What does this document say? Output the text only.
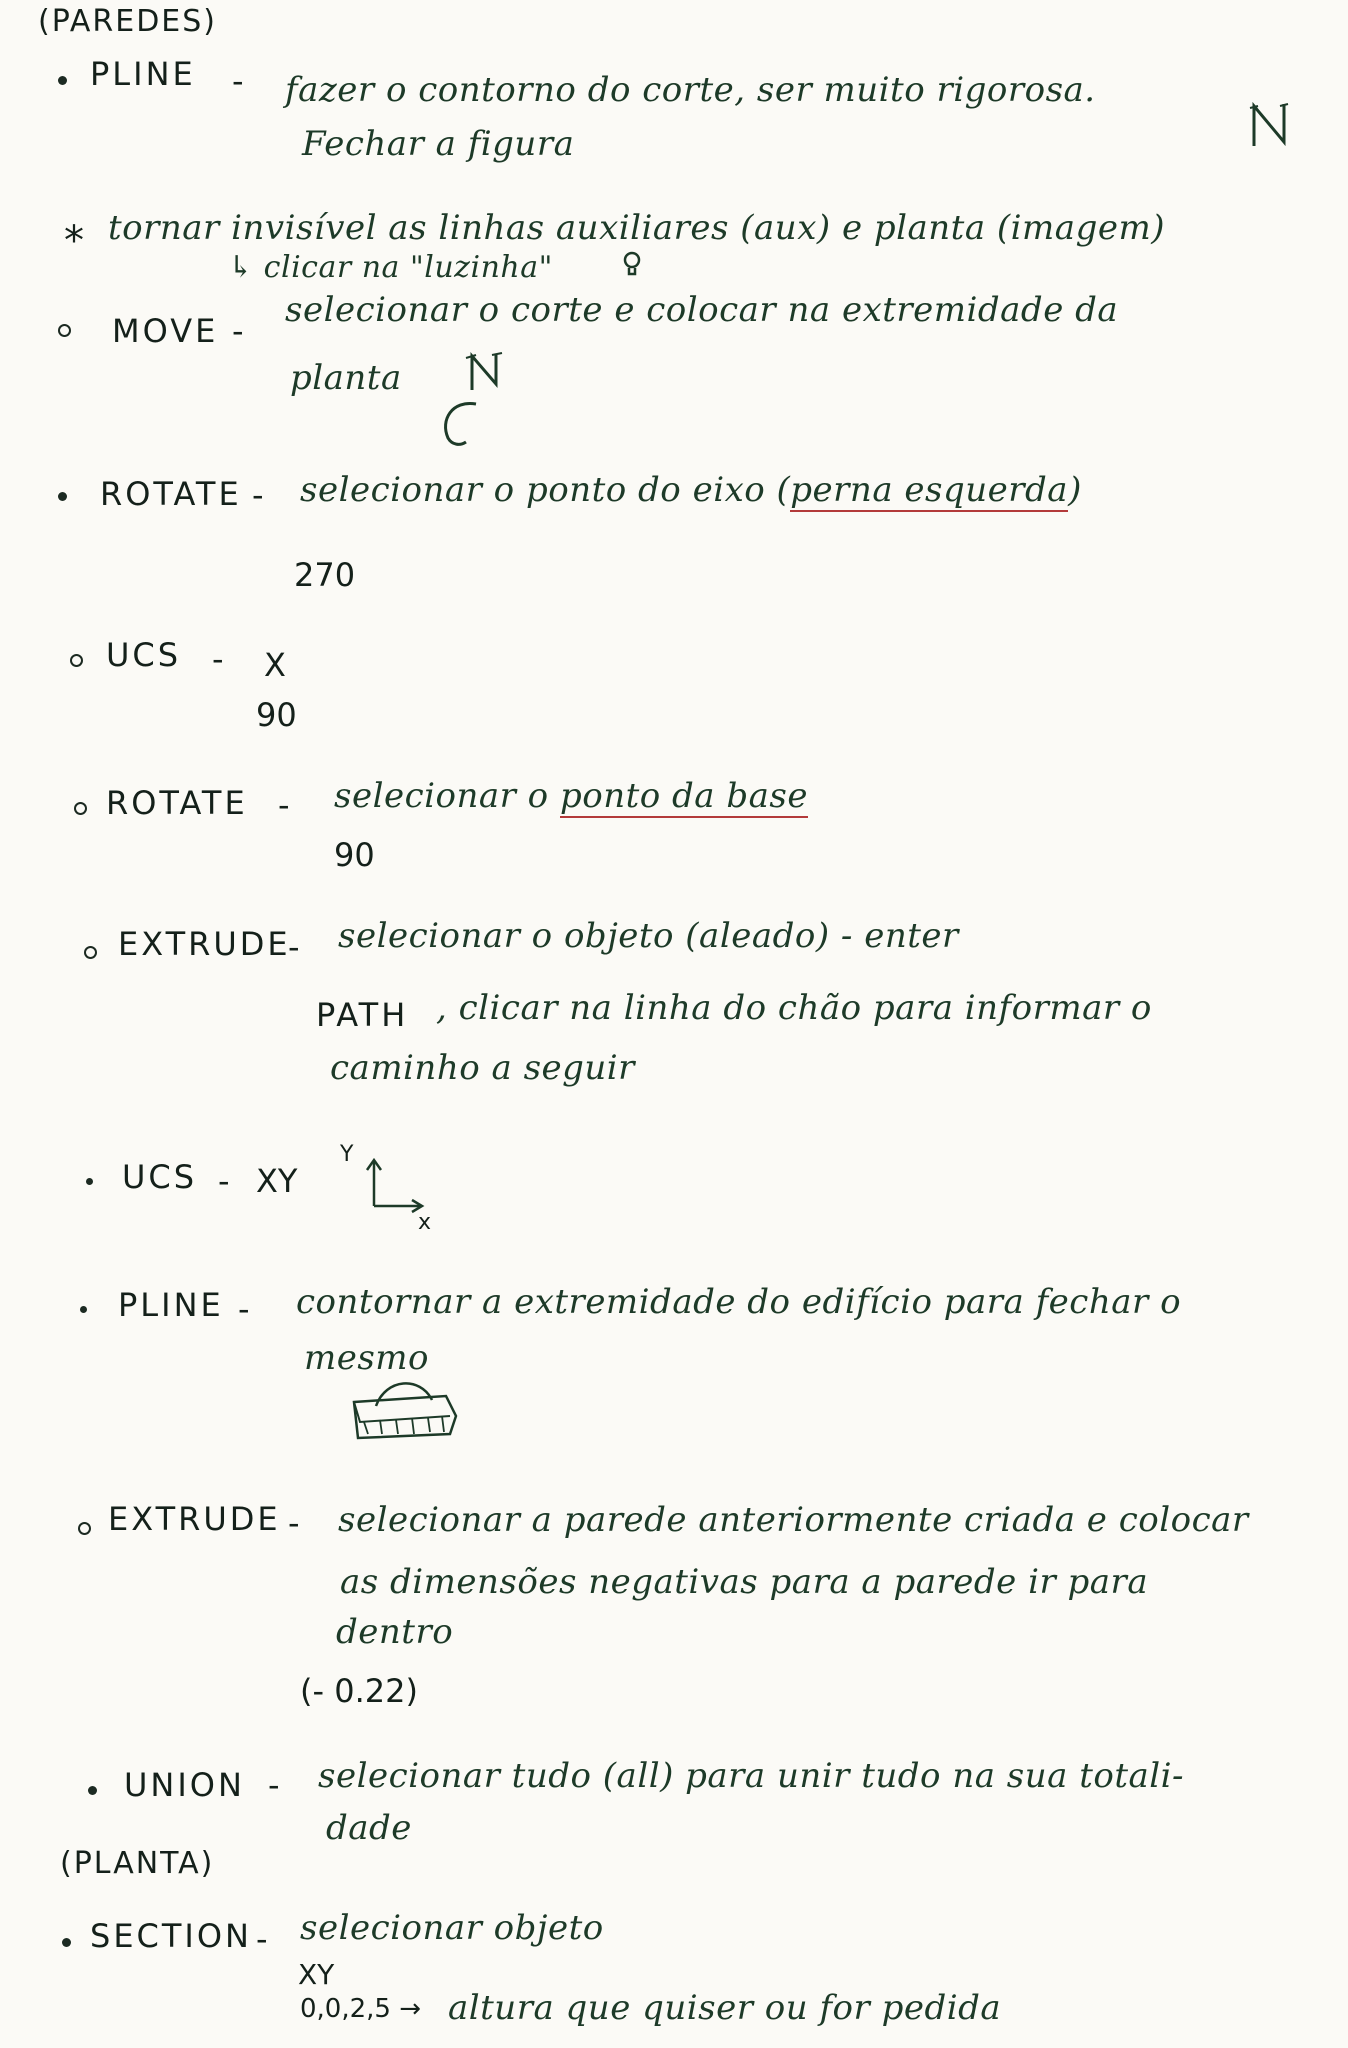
(PAREDES)
PLINE - fazer o contorno do corte, ser muito rigorosa.
Fechar a figura
* tornar invisível as linhas auxiliares (aux) e planta (imagem)
↳ clicar na "luzinha"
MOVE -
selecionar o corte e colocar na extremidade da
planta
ROTATE - selecionar o ponto do eixo (perna esquerda)
270
UCS - X
90
ROTATE - selecionar o ponto da base
90
EXTRUDE
- selecionar o objeto (aleado) - enter
PATH , clicar na linha do chão para informar o
caminho a seguir
UCS - XY
Y
x
PLINE - contornar a extremidade do edifício para fechar o
mesmo
EXTRUDE - selecionar a parede anteriormente criada e colocar
as dimensões negativas para a parede ir para
dentro
(- 0.22)
UNION - selecionar tudo (all) para unir tudo na sua totali-
dade
(PLANTA)
SECTION - selecionar objeto
XY
0,0,2,5 → altura que quiser ou for pedida
